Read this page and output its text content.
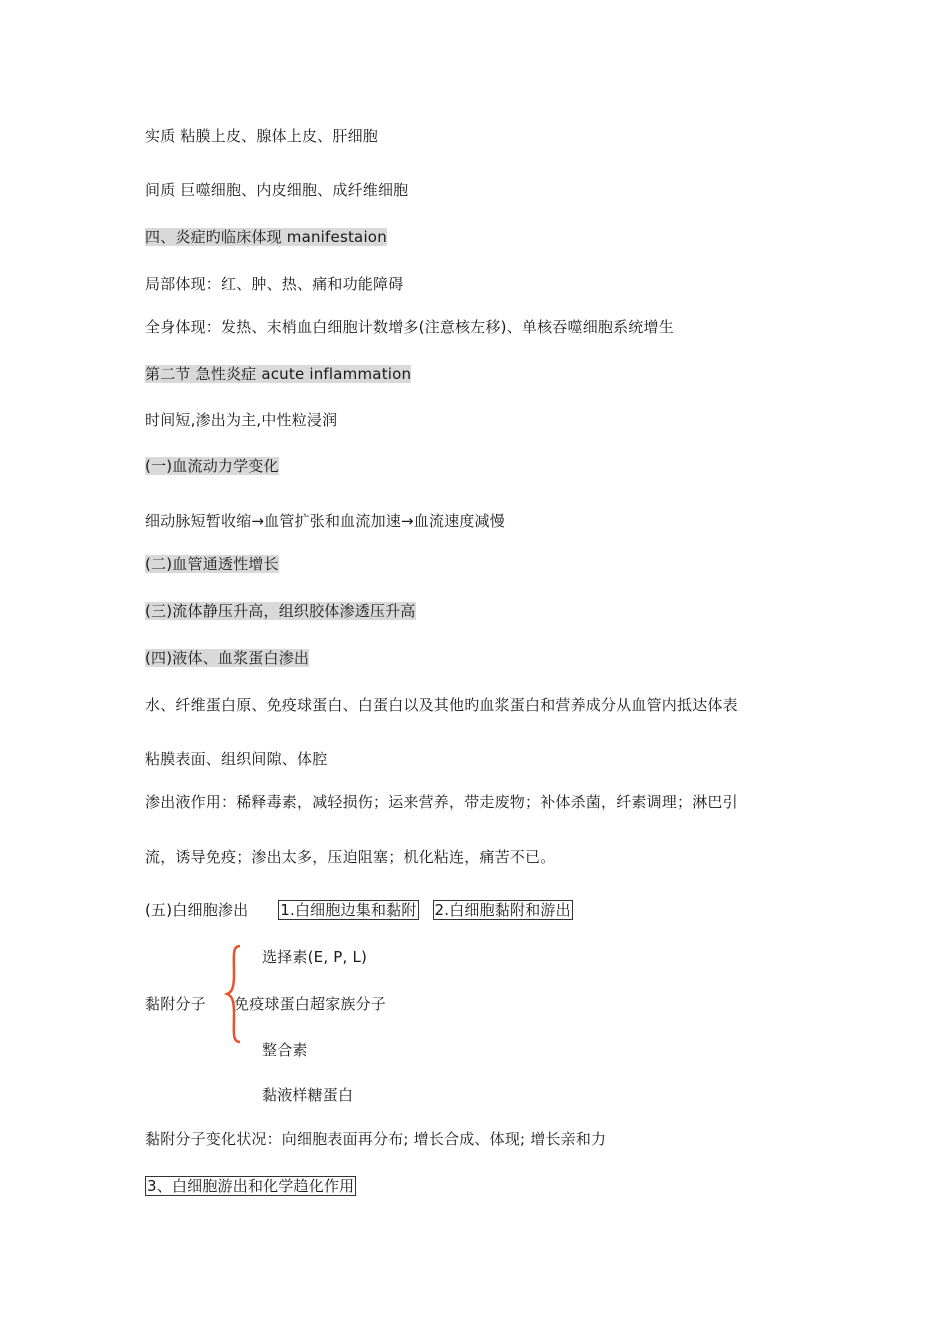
实质 粘膜上皮、腺体上皮、肝细胞
间质 巨噬细胞、内皮细胞、成纤维细胞
四、炎症旳临床体现 manifestaion
局部体现：红、肿、热、痛和功能障碍
全身体现：发热、末梢血白细胞计数增多(注意核左移)、单核吞噬细胞系统增生
第二节 急性炎症 acute inflammation
时间短,渗出为主,中性粒浸润
(一)血流动力学变化
细动脉短暂收缩→血管扩张和血流加速→血流速度减慢
(二)血管通透性增长
(三)流体静压升高，组织胶体渗透压升高
(四)液体、血浆蛋白渗出
水、纤维蛋白原、免疫球蛋白、白蛋白以及其他旳血浆蛋白和营养成分从血管内抵达体表
粘膜表面、组织间隙、体腔
渗出液作用：稀释毒素，减轻损伤；运来营养，带走废物；补体杀菌，纤素调理；淋巴引
流，诱导免疫；渗出太多，压迫阻塞；机化粘连，痛苦不已。
(五)白细胞渗出 1.白细胞边集和黏附 2.白细胞黏附和游出
黏附分子
选择素(E, P, L)
免疫球蛋白超家族分子
整合素
黏液样糖蛋白
黏附分子变化状况：向细胞表面再分布; 增长合成、体现; 增长亲和力
3、白细胞游出和化学趋化作用
